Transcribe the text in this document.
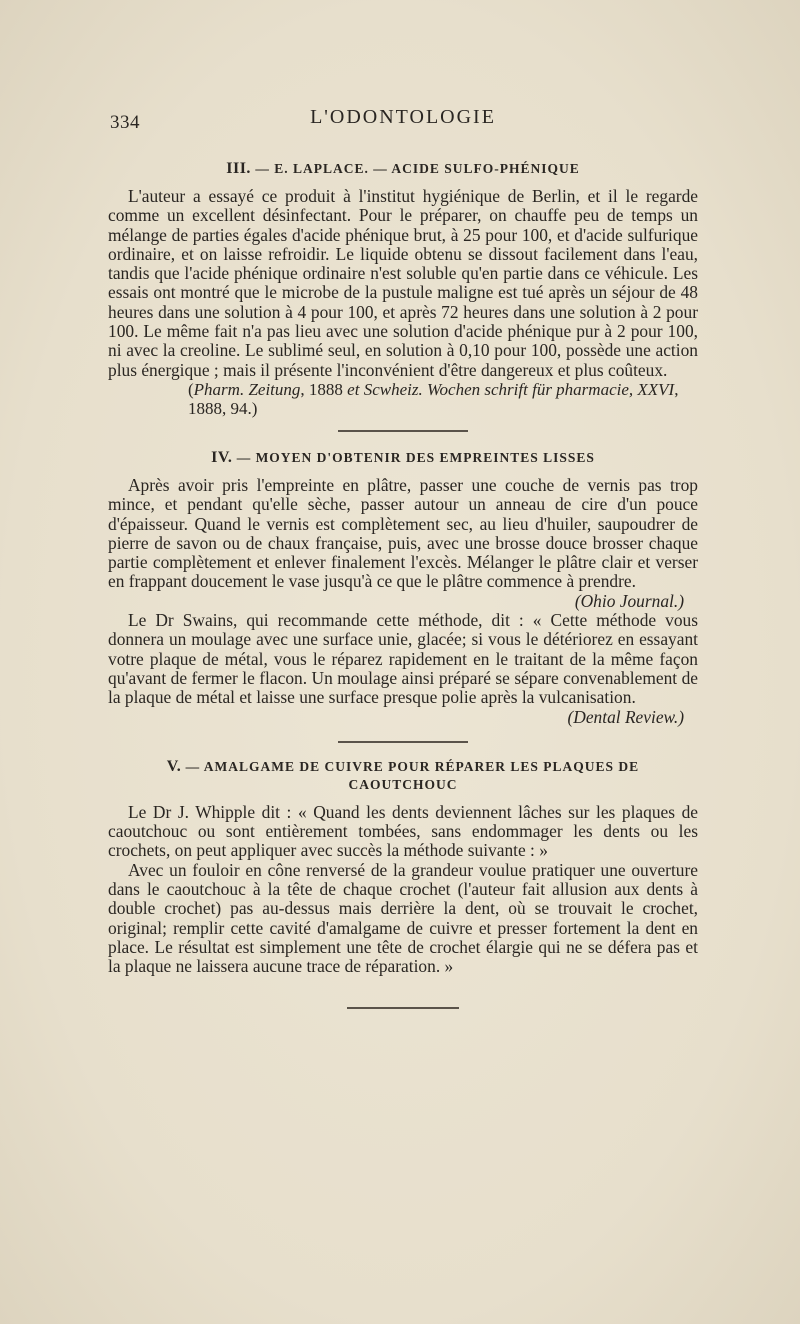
334	L'ODONTOLOGIE
III. — E. LAPLACE. — ACIDE SULFO-PHÉNIQUE

L'auteur a essayé ce produit à l'institut hygiénique de Berlin, et il le regarde comme un excellent désinfectant. Pour le préparer, on chauffe peu de temps un mélange de parties égales d'acide phénique brut, à 25 pour 100, et d'acide sulfurique ordinaire, et on laisse refroidir. Le liquide obtenu se dissout facilement dans l'eau, tandis que l'acide phénique ordinaire n'est soluble qu'en partie dans ce véhicule. Les essais ont montré que le microbe de la pustule maligne est tué après un séjour de 48 heures dans une solution à 4 pour 100, et après 72 heures dans une solution à 2 pour 100. Le même fait n'a pas lieu avec une solution d'acide phénique pur à 2 pour 100, ni avec la creoline. Le sublimé seul, en solution à 0,10 pour 100, possède une action plus énergique ; mais il présente l'inconvénient d'être dangereux et plus coûteux.

(Pharm. Zeitung, 1888 et Scwheiz. Wochen schrift für pharmacie, XXVI, 1888, 94.)

IV. — MOYEN D'OBTENIR DES EMPREINTES LISSES

Après avoir pris l'empreinte en plâtre, passer une couche de vernis pas trop mince, et pendant qu'elle sèche, passer autour un anneau de cire d'un pouce d'épaisseur. Quand le vernis est complètement sec, au lieu d'huiler, saupoudrer de pierre de savon ou de chaux française, puis, avec une brosse douce brosser chaque partie complètement et enlever finalement l'excès. Mélanger le plâtre clair et verser en frappant doucement le vase jusqu'à ce que le plâtre commence à prendre.
(Ohio Journal.)

Le Dr Swains, qui recommande cette méthode, dit : « Cette méthode vous donnera un moulage avec une surface unie, glacée; si vous le détériorez en essayant votre plaque de métal, vous le réparez rapidement en le traitant de la même façon qu'avant de fermer le flacon. Un moulage ainsi préparé se sépare convenablement de la plaque de métal et laisse une surface presque polie après la vulcanisation.
(Dental Review.)

V. — AMALGAME DE CUIVRE POUR RÉPARER LES PLAQUES DE
CAOUTCHOUC

Le Dr J. Whipple dit : « Quand les dents deviennent lâches sur les plaques de caoutchouc ou sont entièrement tombées, sans endommager les dents ou les crochets, on peut appliquer avec succès la méthode suivante : »

Avec un fouloir en cône renversé de la grandeur voulue pratiquer une ouverture dans le caoutchouc à la tête de chaque crochet (l'auteur fait allusion aux dents à double crochet) pas au-dessus mais derrière la dent, où se trouvait le crochet, original; remplir cette cavité d'amalgame de cuivre et presser fortement la dent en place. Le résultat est simplement une tête de crochet élargie qui ne se défera pas et la plaque ne laissera aucune trace de réparation. »
